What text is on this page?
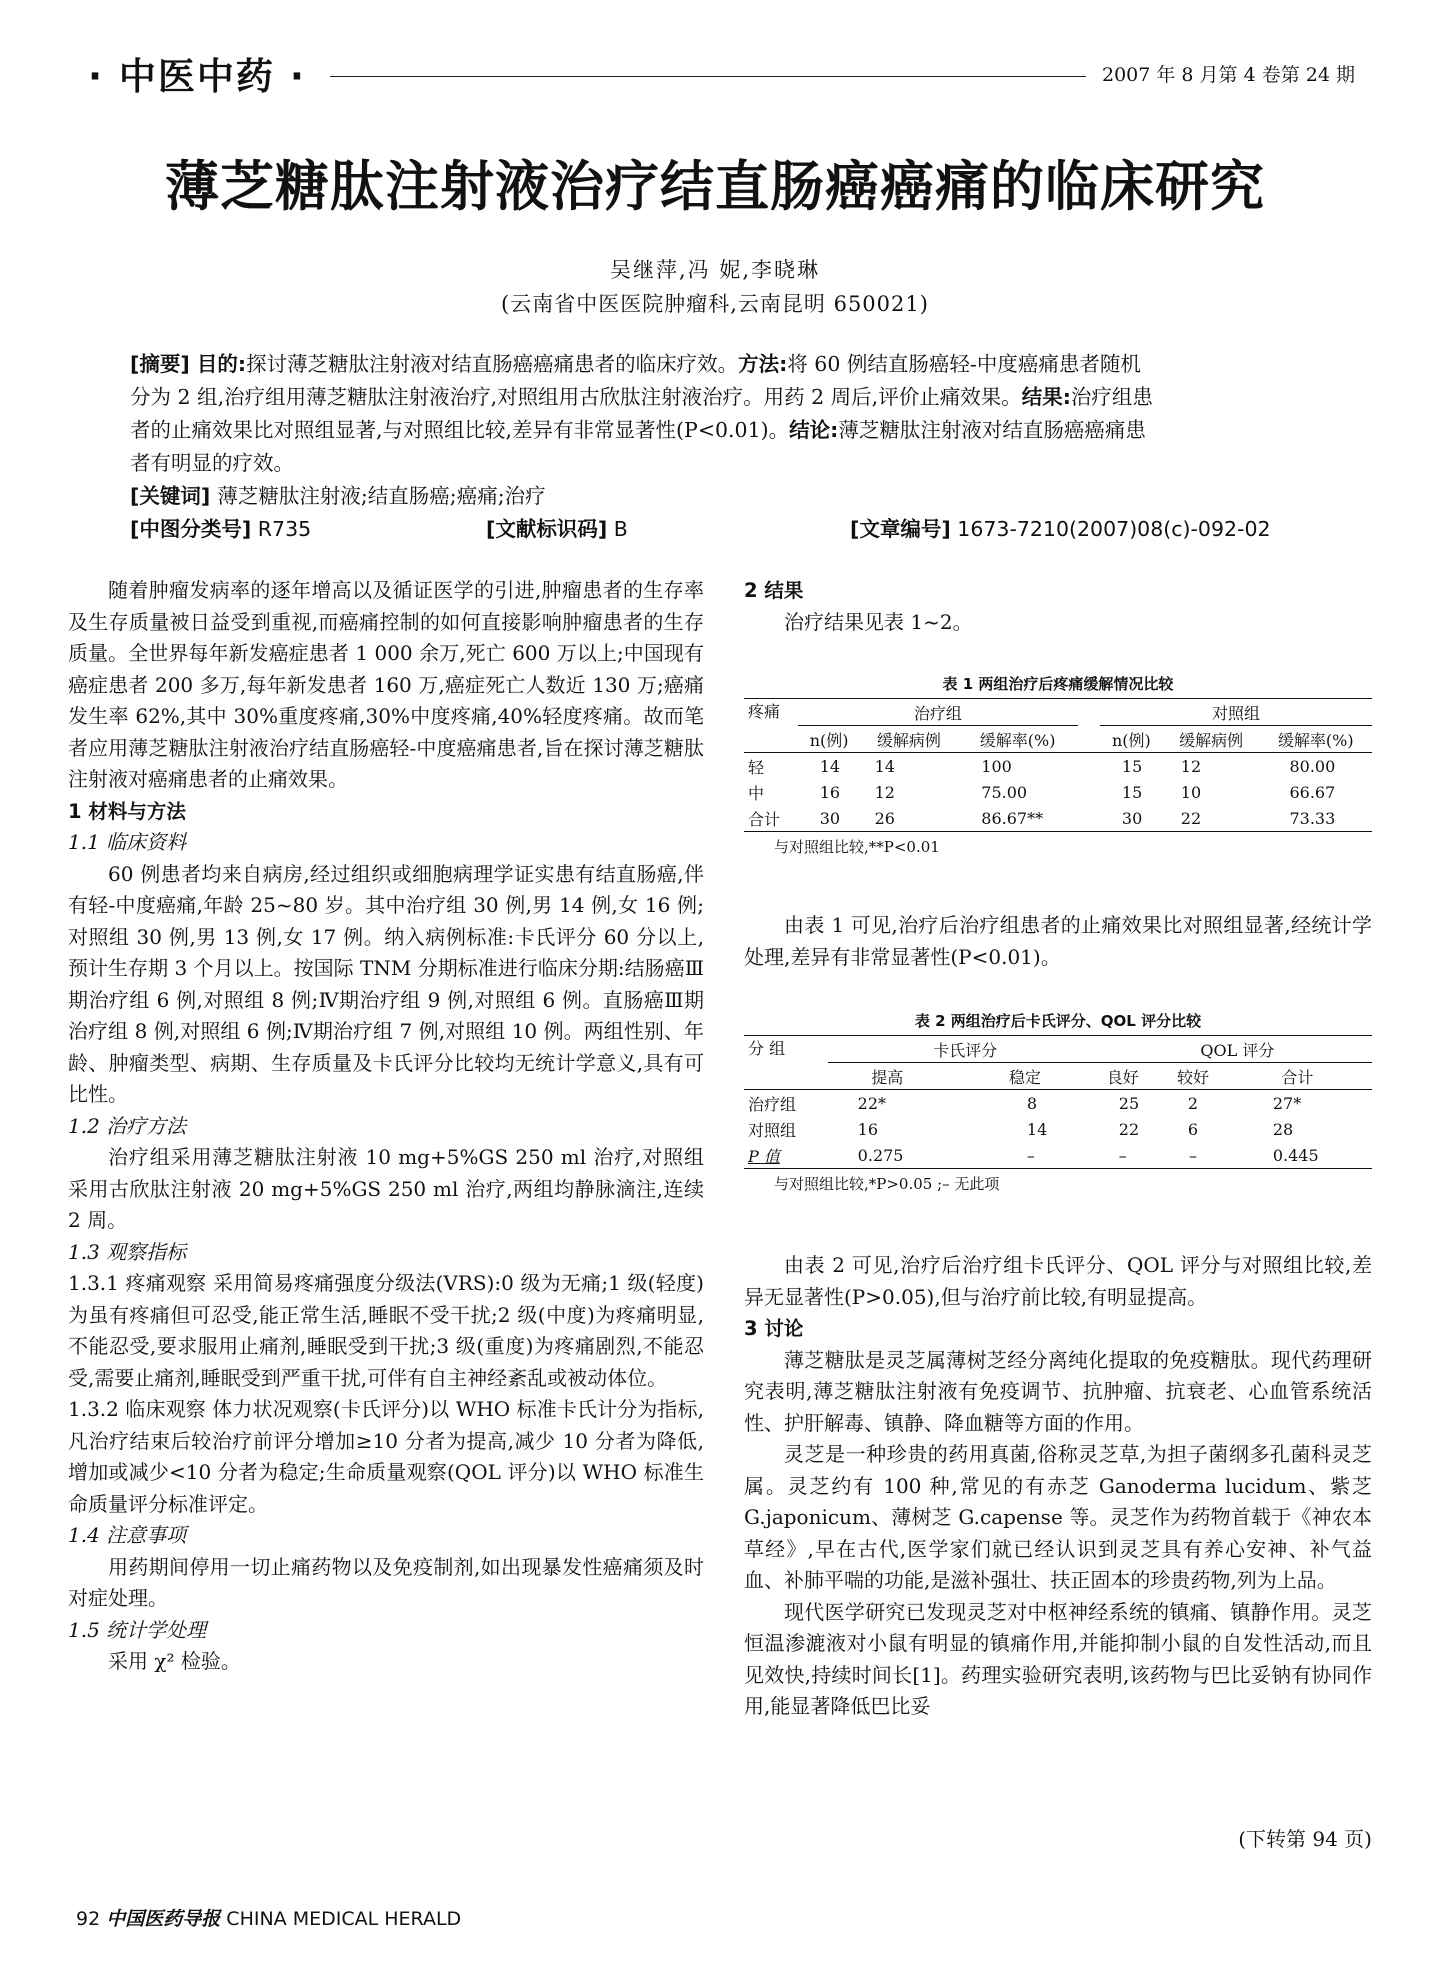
· 中医中药 ·	2007 年 8 月第 4 卷第 24 期
薄芝糖肽注射液治疗结直肠癌癌痛的临床研究
吴继萍,冯 妮,李晓琳
(云南省中医医院肿瘤科,云南昆明 650021)
[摘要] 目的:探讨薄芝糖肽注射液对结直肠癌癌痛患者的临床疗效。方法:将 60 例结直肠癌轻-中度癌痛患者随机
分为 2 组,治疗组用薄芝糖肽注射液治疗,对照组用古欣肽注射液治疗。用药 2 周后,评价止痛效果。结果:治疗组患
者的止痛效果比对照组显著,与对照组比较,差异有非常显著性(P<0.01)。结论:薄芝糖肽注射液对结直肠癌癌痛患
者有明显的疗效。
[关键词] 薄芝糖肽注射液;结直肠癌;癌痛;治疗
[中图分类号] R735	[文献标识码] B	[文章编号] 1673-7210(2007)08(c)-092-02

随着肿瘤发病率的逐年增高以及循证医学的引进,肿瘤患者的生存率及生存质量被日益受到重视,而癌痛控制的如何直接影响肿瘤患者的生存质量。全世界每年新发癌症患者 1 000 余万,死亡 600 万以上;中国现有癌症患者 200 多万,每年新发患者 160 万,癌症死亡人数近 130 万;癌痛发生率 62%,其中 30%重度疼痛,30%中度疼痛,40%轻度疼痛。故而笔者应用薄芝糖肽注射液治疗结直肠癌轻-中度癌痛患者,旨在探讨薄芝糖肽注射液对癌痛患者的止痛效果。

1 材料与方法

1.1 临床资料

60 例患者均来自病房,经过组织或细胞病理学证实患有结直肠癌,伴有轻-中度癌痛,年龄 25~80 岁。其中治疗组 30 例,男 14 例,女 16 例;对照组 30 例,男 13 例,女 17 例。纳入病例标准:卡氏评分 60 分以上,预计生存期 3 个月以上。按国际 TNM 分期标准进行临床分期:结肠癌Ⅲ期治疗组 6 例,对照组 8 例;Ⅳ期治疗组 9 例,对照组 6 例。直肠癌Ⅲ期治疗组 8 例,对照组 6 例;Ⅳ期治疗组 7 例,对照组 10 例。两组性别、年龄、肿瘤类型、病期、生存质量及卡氏评分比较均无统计学意义,具有可比性。

1.2 治疗方法

治疗组采用薄芝糖肽注射液 10 mg+5%GS 250 ml 治疗,对照组采用古欣肽注射液 20 mg+5%GS 250 ml 治疗,两组均静脉滴注,连续 2 周。

1.3 观察指标

1.3.1 疼痛观察 采用简易疼痛强度分级法(VRS):0 级为无痛;1 级(轻度)为虽有疼痛但可忍受,能正常生活,睡眠不受干扰;2 级(中度)为疼痛明显,不能忍受,要求服用止痛剂,睡眠受到干扰;3 级(重度)为疼痛剧烈,不能忍受,需要止痛剂,睡眠受到严重干扰,可伴有自主神经紊乱或被动体位。

1.3.2 临床观察 体力状况观察(卡氏评分)以 WHO 标准卡氏计分为指标,凡治疗结束后较治疗前评分增加≥10 分者为提高,减少 10 分者为降低,增加或减少<10 分者为稳定;生命质量观察(QOL 评分)以 WHO 标准生命质量评分标准评定。

1.4 注意事项

用药期间停用一切止痛药物以及免疫制剂,如出现暴发性癌痛须及时对症处理。

1.5 统计学处理

采用 χ² 检验。

2 结果

治疗结果见表 1~2。

表 1 两组治疗后疼痛缓解情况比较
疼痛	治疗组				对照组		
	n(例)	缓解病例	缓解率(%)		n(例)	缓解病例	缓解率(%)
轻	14	14	100		15	12	80.00
中	16	12	75.00		15	10	66.67
合计	30	26	86.67**		30	22	73.33
与对照组比较,**P<0.01

由表 1 可见,治疗后治疗组患者的止痛效果比对照组显著,经统计学处理,差异有非常显著性(P<0.01)。

表 2 两组治疗后卡氏评分、QOL 评分比较
分 组	卡氏评分		QOL 评分		
	提高	稳定	良好	较好	合计
治疗组	22*	8	25	2	27*
对照组	16	14	22	6	28
P 值	0.275	–	–	–	0.445
与对照组比较,*P>0.05 ;– 无此项

由表 2 可见,治疗后治疗组卡氏评分、QOL 评分与对照组比较,差异无显著性(P>0.05),但与治疗前比较,有明显提高。

3 讨论

薄芝糖肽是灵芝属薄树芝经分离纯化提取的免疫糖肽。现代药理研究表明,薄芝糖肽注射液有免疫调节、抗肿瘤、抗衰老、心血管系统活性、护肝解毒、镇静、降血糖等方面的作用。

灵芝是一种珍贵的药用真菌,俗称灵芝草,为担子菌纲多孔菌科灵芝属。灵芝约有 100 种,常见的有赤芝 Ganoderma lucidum、紫芝 G.japonicum、薄树芝 G.capense 等。灵芝作为药物首载于《神农本草经》,早在古代,医学家们就已经认识到灵芝具有养心安神、补气益血、补肺平喘的功能,是滋补强壮、扶正固本的珍贵药物,列为上品。

现代医学研究已发现灵芝对中枢神经系统的镇痛、镇静作用。灵芝恒温渗漉液对小鼠有明显的镇痛作用,并能抑制小鼠的自发性活动,而且见效快,持续时间长[1]。药理实验研究表明,该药物与巴比妥钠有协同作用,能显著降低巴比妥

(下转第 94 页)
92 中国医药导报 CHINA MEDICAL HERALD
